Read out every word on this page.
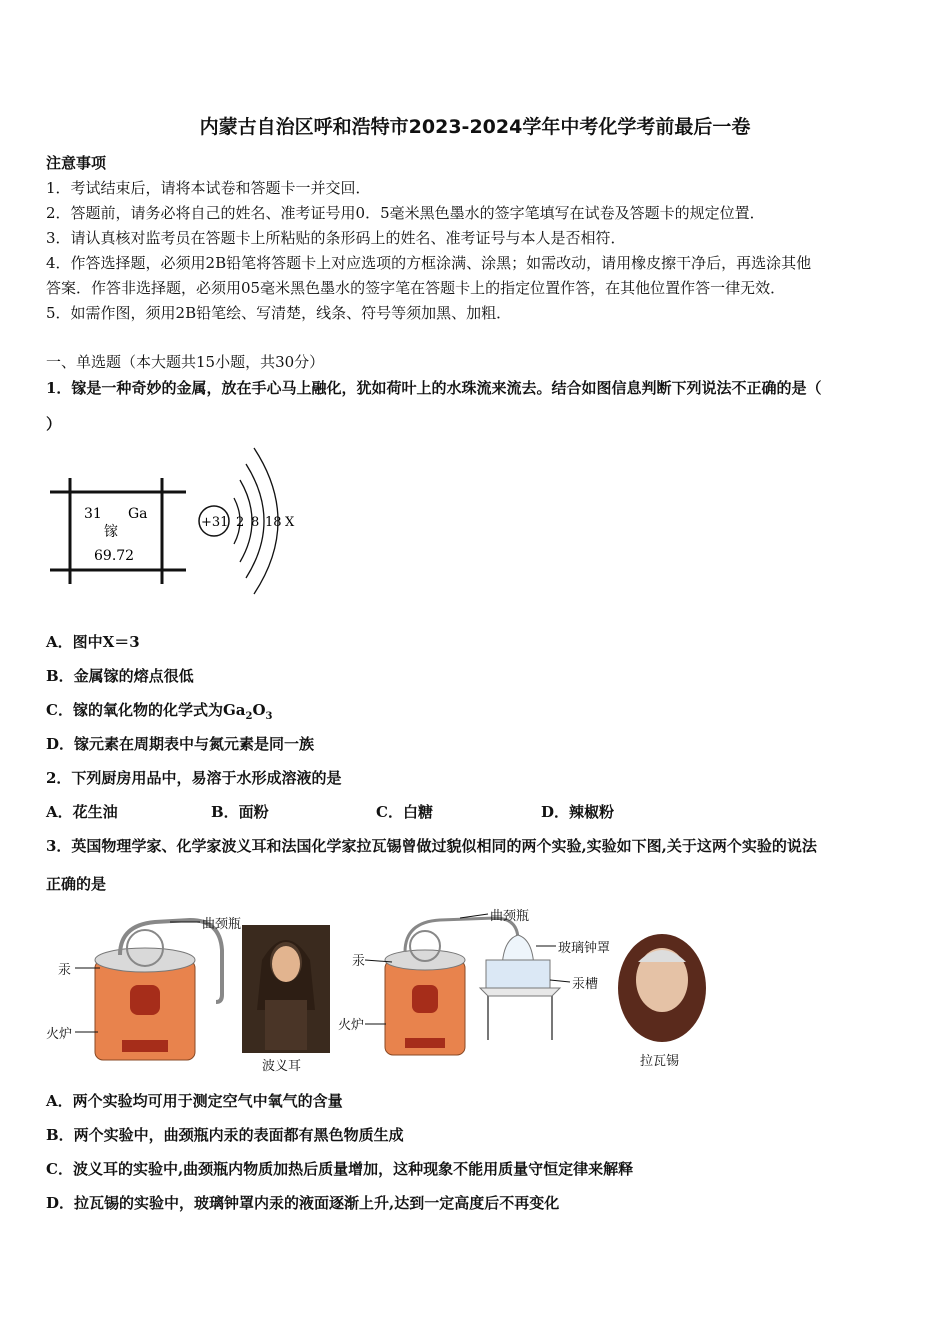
内蒙古自治区呼和浩特市2023-2024学年中考化学考前最后一卷
注意事项
1．考试结束后，请将本试卷和答题卡一并交回．
2．答题前，请务必将自己的姓名、准考证号用0．5毫米黑色墨水的签字笔填写在试卷及答题卡的规定位置．
3．请认真核对监考员在答题卡上所粘贴的条形码上的姓名、准考证号与本人是否相符．
4．作答选择题，必须用2B铅笔将答题卡上对应选项的方框涂满、涂黑；如需改动，请用橡皮擦干净后，再选涂其他
答案．作答非选择题，必须用05毫米黑色墨水的签字笔在答题卡上的指定位置作答，在其他位置作答一律无效．
5．如需作图，须用2B铅笔绘、写清楚，线条、符号等须加黑、加粗．
一、单选题（本大题共15小题，共30分）
1．镓是一种奇妙的金属，放在手心马上融化，犹如荷叶上的水珠流来流去。结合如图信息判断下列说法不正确的是（
）
31 Ga
镓
69.72
+31 2 8 18 X
A．图中X＝3
B．金属镓的熔点很低
C．镓的氧化物的化学式为$Ga_2O_3$
D．镓元素在周期表中与氮元素是同一族
2．下列厨房用品中，易溶于水形成溶液的是
A．花生油	B．面粉	C．白糖	D．辣椒粉
3．英国物理学家、化学家波义耳和法国化学家拉瓦锡曾做过貌似相同的两个实验,实验如下图,关于这两个实验的说法
正确的是
曲颈瓶
汞
火炉
波义耳
曲颈瓶
汞
火炉
玻璃钟罩
汞槽
拉瓦锡
A．两个实验均可用于测定空气中氧气的含量
B．两个实验中，曲颈瓶内汞的表面都有黑色物质生成
C．波义耳的实验中,曲颈瓶内物质加热后质量增加，这种现象不能用质量守恒定律来解释
D．拉瓦锡的实验中，玻璃钟罩内汞的液面逐渐上升,达到一定高度后不再变化
